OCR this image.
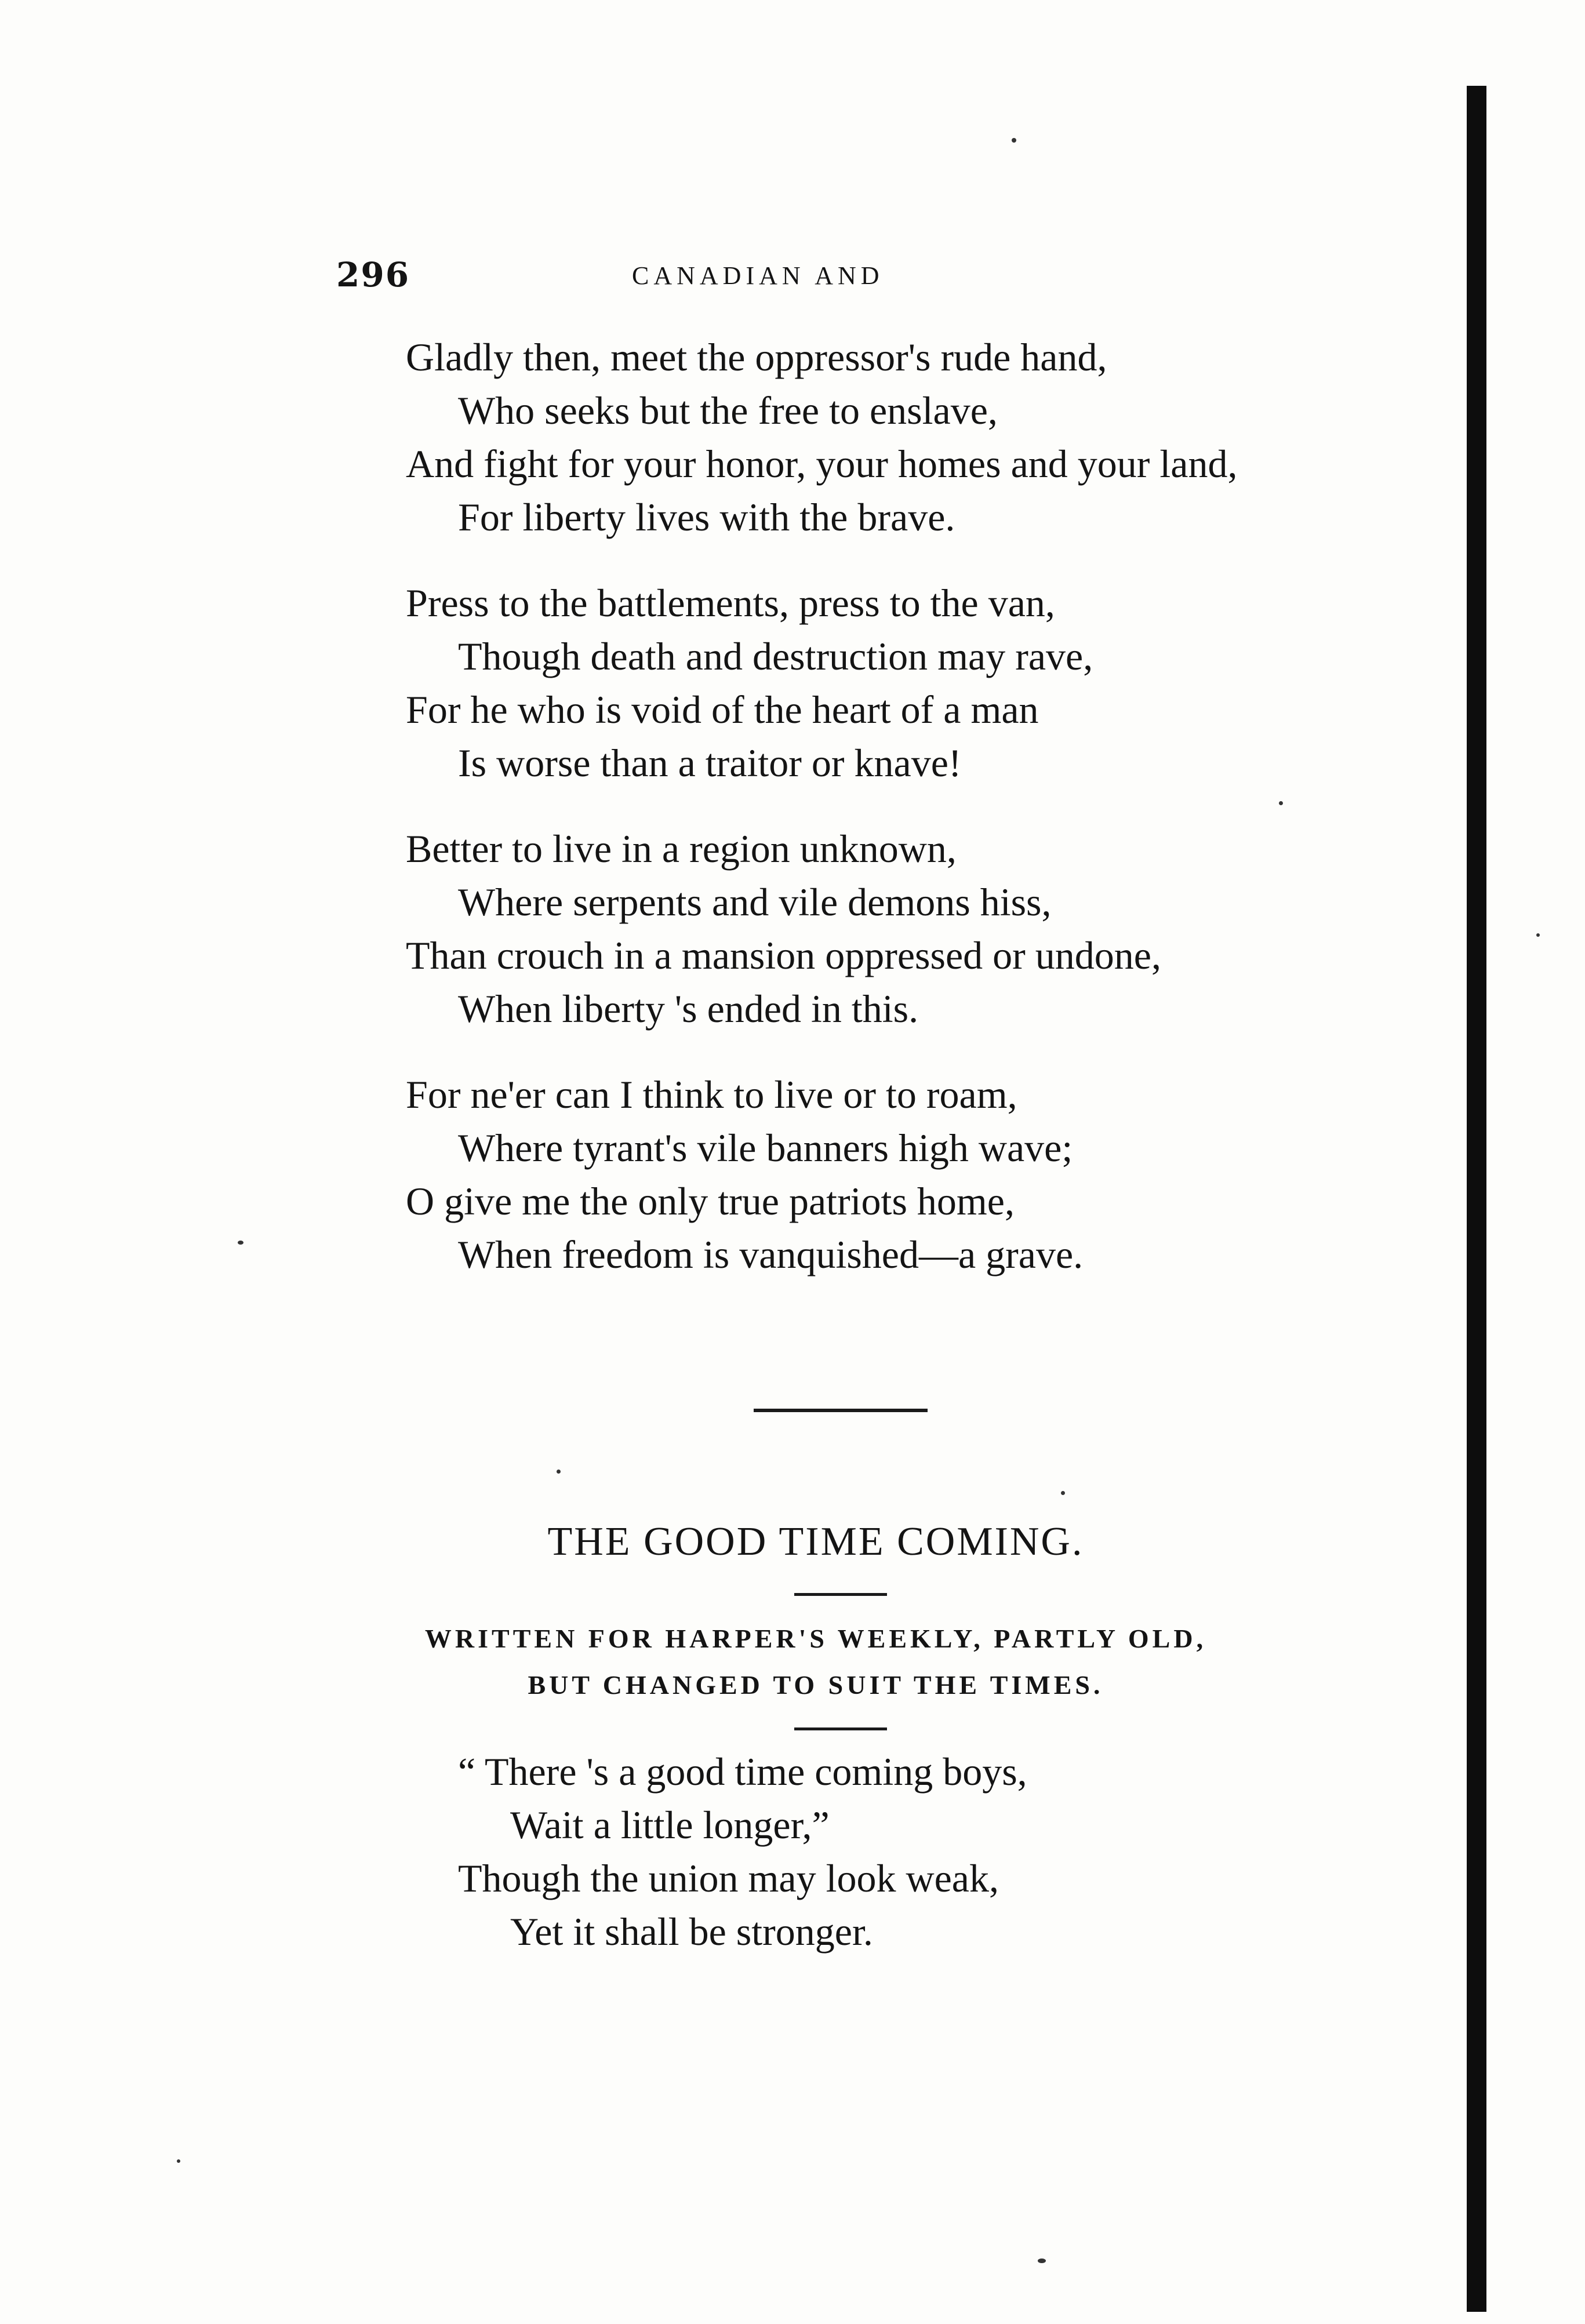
296	CANADIAN AND
Gladly then, meet the oppressor's rude hand,
Who seeks but the free to enslave,
And fight for your honor, your homes and your land,
For liberty lives with the brave.
Press to the battlements, press to the van,
Though death and destruction may rave,
For he who is void of the heart of a man
Is worse than a traitor or knave!
Better to live in a region unknown,
Where serpents and vile demons hiss,
Than crouch in a mansion oppressed or undone,
When liberty 's ended in this.
For ne'er can I think to live or to roam,
Where tyrant's vile banners high wave;
O give me the only true patriots home,
When freedom is vanquished—a grave.
THE GOOD TIME COMING.
WRITTEN FOR HARPER'S WEEKLY, PARTLY OLD,
BUT CHANGED TO SUIT THE TIMES.
“ There 's a good time coming boys,
Wait a little longer,”
Though the union may look weak,
Yet it shall be stronger.
